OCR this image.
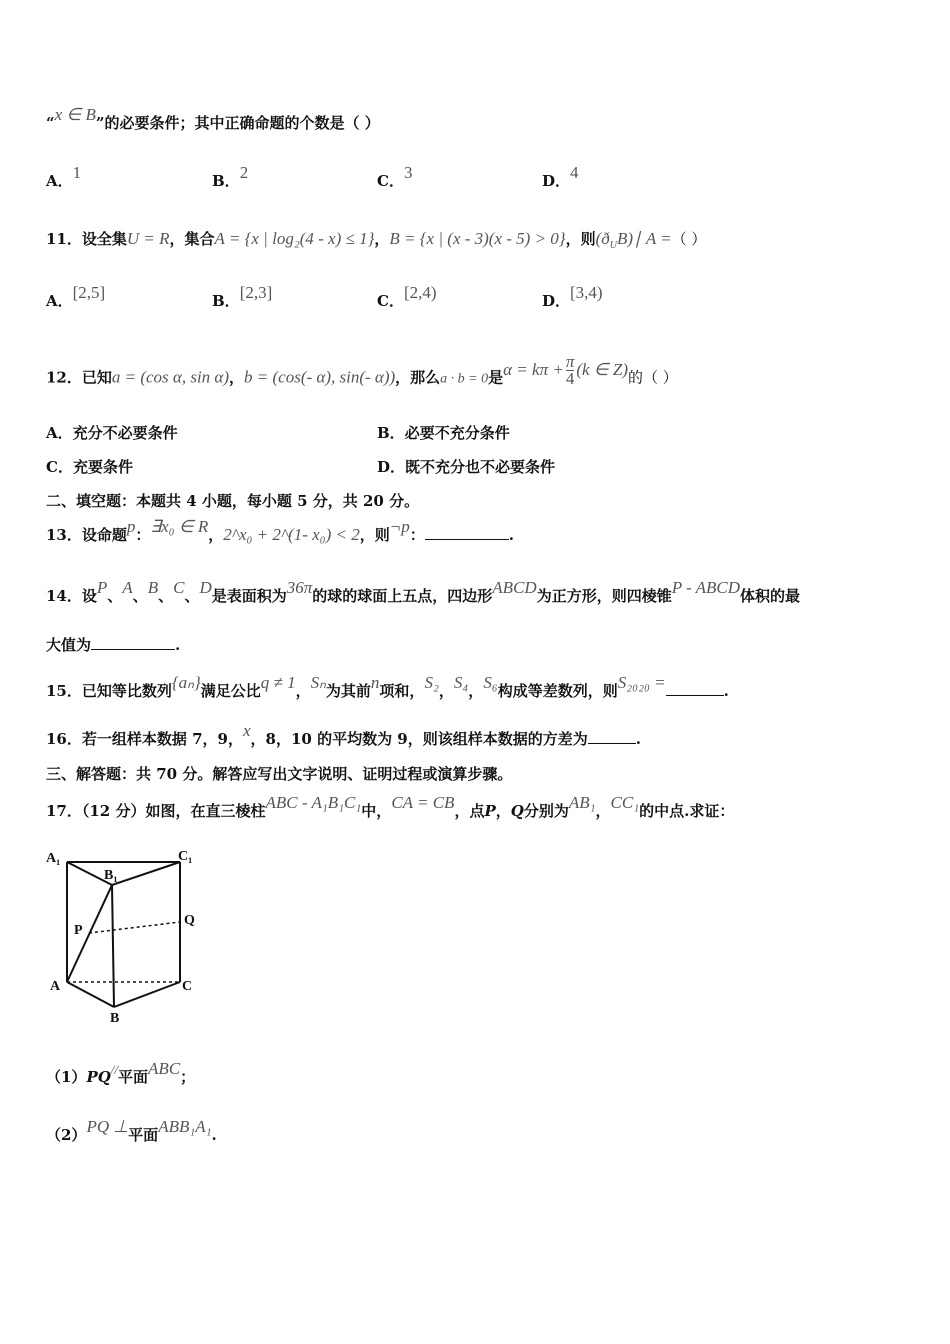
“x ∈ B”的必要条件；其中正确命题的个数是（ ）
A．1	B．2	C．3	D．4
11．设全集U = R，集合A = {x | log₂(4 - x) ≤ 1}，B = {x | (x - 3)(x - 5) > 0}，则$(ð_UB)∣$ A =（ ）
A．[2,5]	B．[2,3]	C．[2,4)	D．[3,4)
12．已知a = (cos α, sin α)，b = (cos(- α), sin(- α))，那么a · b = 0是$\alpha = k\pi + \frac{\pi}{4} (k$ ∈ Z)的（ ）
A．充分不必要条件	B．必要不充分条件
C．充要条件	D．既不充分也不必要条件
二、填空题：本题共 4 小题，每小题 5 分，共 20 分。
13．设命题p：∃x₀ ∈ R，2^x₀ + 2^(1- x₀) < 2，则¬p：	.
14．设P、A、B、C、D是表面积为36π的球的球面上五点，四边形ABCD为正方形，则四棱锥P - ABCD体积的最
大值为	.
15．已知等比数列{aₙ}满足公比q ≠ 1，Sₙ为其前n项和，S₂，S₄，S₆构成等差数列，则S₂₀₂₀ =	.
16．若一组样本数据 7，9，x，8，10 的平均数为 9，则该组样本数据的方差为	.
三、解答题：共 70 分。解答应写出文字说明、证明过程或演算步骤。
17．（12 分）如图，在直三棱柱ABC - A₁B₁C₁中，CA = CB，点P，Q分别为AB₁，CC₁的中点.求证：
A₁
B₁
C₁
P
Q
A
B
C
（1）PQ//平面ABC；
（2）PQ ⊥平面ABB₁A₁.
